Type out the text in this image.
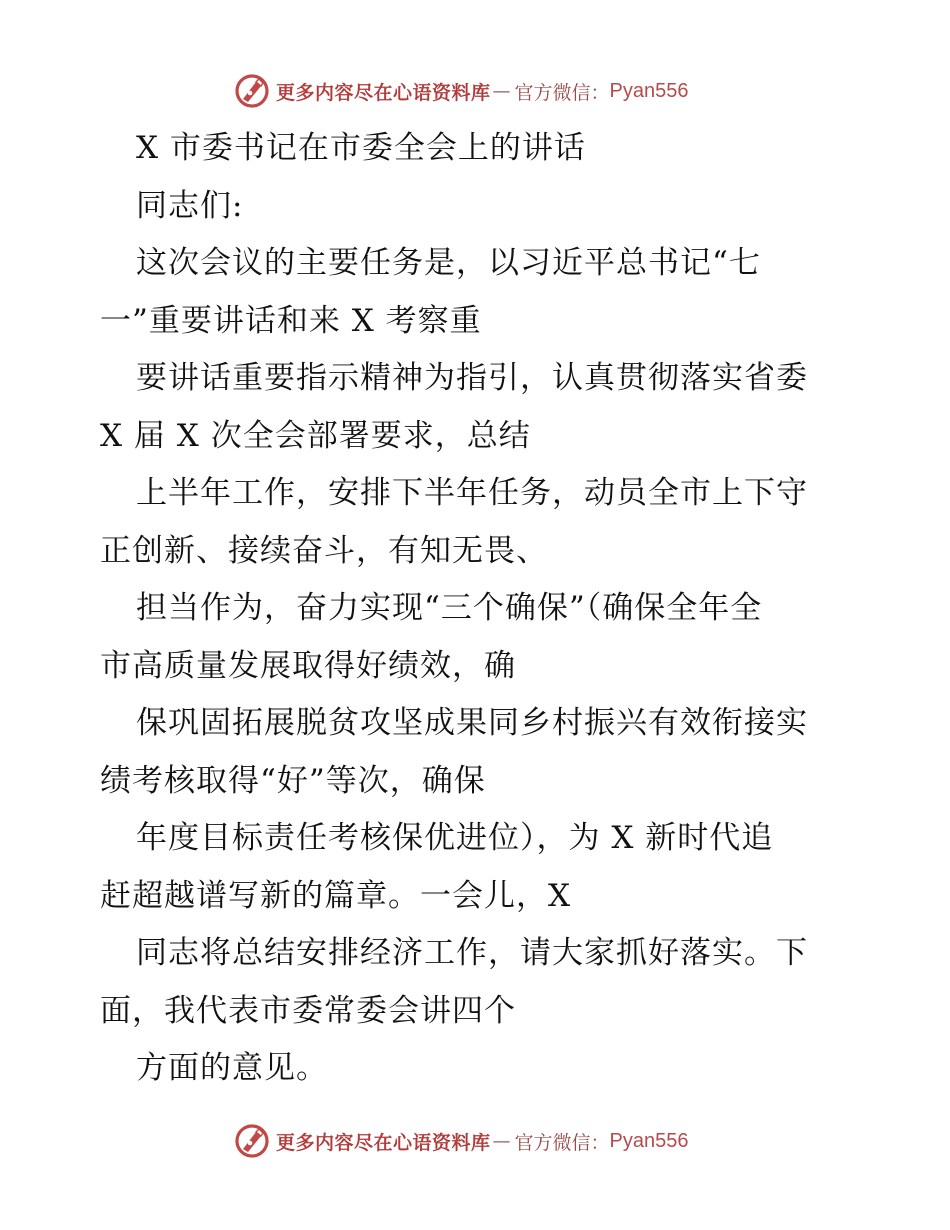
更多内容尽在心语资料库 — 官方微信： Pyan556
X 市委书记在市委全会上的讲话
同志们:
这次会议的主要任务是，以习近平总书记“七
一”重要讲话和来 X 考察重
要讲话重要指示精神为指引，认真贯彻落实省委
X 届 X 次全会部署要求，总结
上半年工作，安排下半年任务，动员全市上下守
正创新、接续奋斗，有知无畏、
担当作为，奋力实现“三个确保”（确保全年全
市高质量发展取得好绩效，确
保巩固拓展脱贫攻坚成果同乡村振兴有效衔接实
绩考核取得“好”等次，确保
年度目标责任考核保优进位），为 X 新时代追
赶超越谱写新的篇章。一会儿，X
同志将总结安排经济工作，请大家抓好落实。下
面，我代表市委常委会讲四个
方面的意见。
更多内容尽在心语资料库 — 官方微信： Pyan556
